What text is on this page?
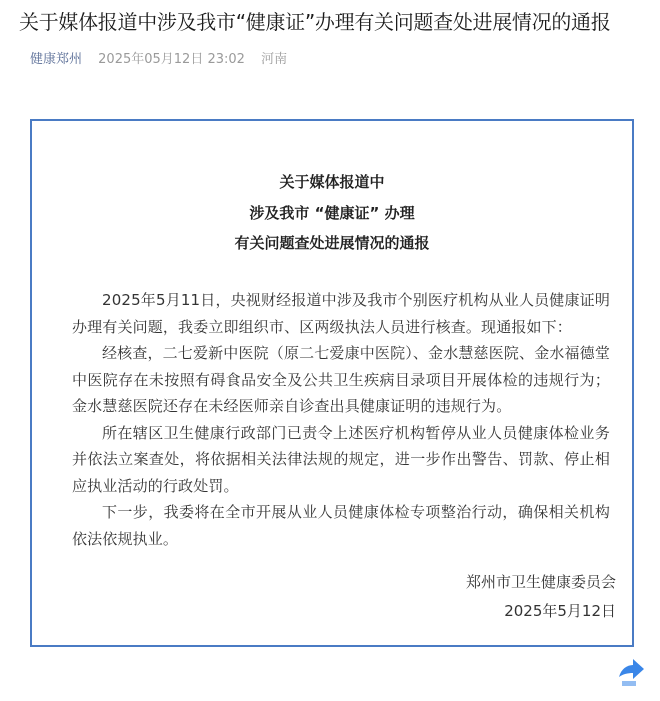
关于媒体报道中涉及我市“健康证”办理有关问题查处进展情况的通报
健康郑州 2025年05月12日 23:02 河南
关于媒体报道中
涉及我市 “健康证” 办理
有关问题查处进展情况的通报

2025年5月11日，央视财经报道中涉及我市个别医疗机构从业人员健康证明办理有关问题，我委立即组织市、区两级执法人员进行核查。现通报如下：

经核查，二七爱新中医院（原二七爱康中医院）、金水慧慈医院、金水福德堂中医院存在未按照有碍食品安全及公共卫生疾病目录项目开展体检的违规行为；金水慧慈医院还存在未经医师亲自诊查出具健康证明的违规行为。

所在辖区卫生健康行政部门已责令上述医疗机构暂停从业人员健康体检业务并依法立案查处，将依据相关法律法规的规定，进一步作出警告、罚款、停止相应执业活动的行政处罚。

下一步，我委将在全市开展从业人员健康体检专项整治行动，确保相关机构依法依规执业。

郑州市卫生健康委员会
2025年5月12日
